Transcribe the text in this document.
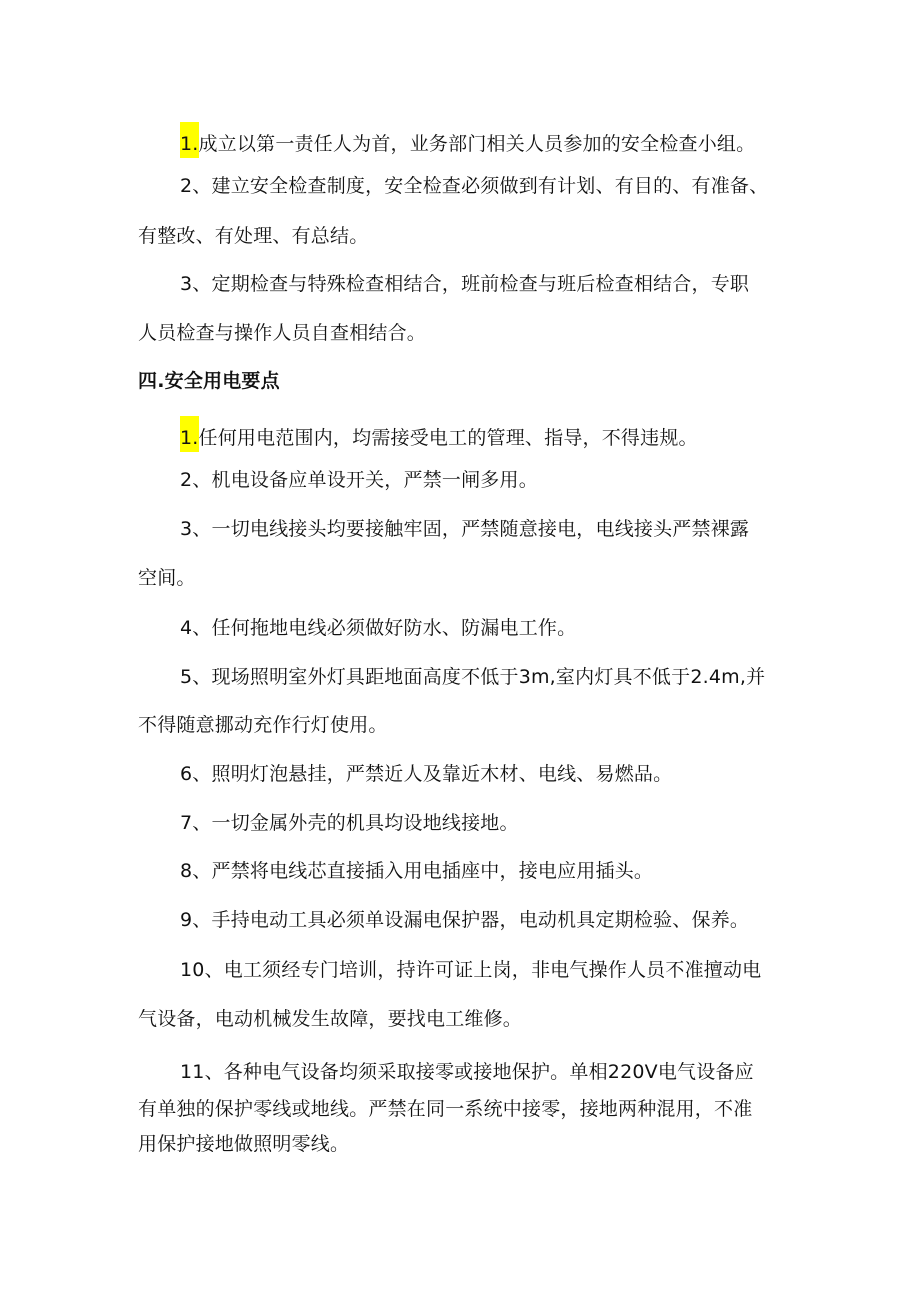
1.成立以第一责任人为首，业务部门相关人员参加的安全检查小组。
2、建立安全检查制度，安全检查必须做到有计划、有目的、有准备、
有整改、有处理、有总结。
3、定期检查与特殊检查相结合，班前检查与班后检查相结合，专职
人员检查与操作人员自查相结合。
四.安全用电要点
1.任何用电范围内，均需接受电工的管理、指导，不得违规。
2、机电设备应单设开关，严禁一闸多用。
3、一切电线接头均要接触牢固，严禁随意接电，电线接头严禁裸露
空间。
4、任何拖地电线必须做好防水、防漏电工作。
5、现场照明室外灯具距地面高度不低于3m,室内灯具不低于2.4m,并
不得随意挪动充作行灯使用。
6、照明灯泡悬挂，严禁近人及靠近木材、电线、易燃品。
7、一切金属外壳的机具均设地线接地。
8、严禁将电线芯直接插入用电插座中，接电应用插头。
9、手持电动工具必须单设漏电保护器，电动机具定期检验、保养。
10、电工须经专门培训，持许可证上岗，非电气操作人员不准擅动电
气设备，电动机械发生故障，要找电工维修。
11、各种电气设备均须采取接零或接地保护。单相220V电气设备应
有单独的保护零线或地线。严禁在同一系统中接零，接地两种混用，不准
用保护接地做照明零线。
